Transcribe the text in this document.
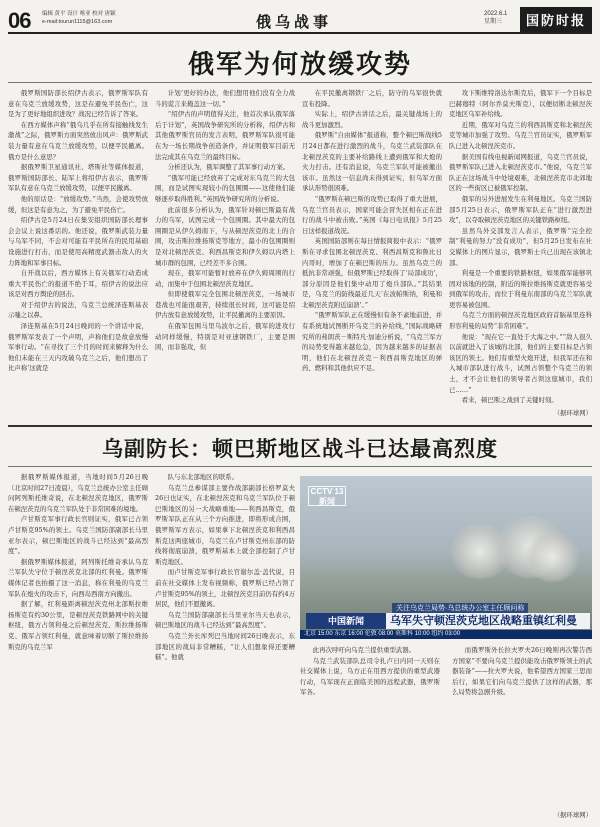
06 编辑 黄平 设计 喀亚 校对 唐颖
e-mail:tourun1115@163.com	俄乌战事	2022.6.1
星期三	国防时报
俄军为何放缓攻势

俄罗斯国防部长绍伊古表示，俄罗斯军队有意在乌克兰放缓攻势，这是在避免平民伤亡，这是为了更好地组织进攻？战况已经告诉了答案。

在西方媒体声称“俄乌几乎在所有接触线发生激战”之际，俄罗斯方面突然放出风声：俄罗斯武装力量有意在乌克兰放缓攻势，以便平民撤离。俄方是什么意思？

据俄罗斯卫星通讯社、塔斯社等媒体报道，俄罗斯国防部长、陆军上将绍伊古表示，俄罗斯军队有意在乌克兰放缓攻势，以便平民撤离。

他的原话是：“放缓攻势。”当然，会使攻势放缓，但这是有意为之，为了避免平民伤亡。

绍伊古是5月24日在集安组织国防部长理事会会议上说这番话的。他还说，俄罗斯武装力量与乌军不同，不会对可能有平民所在的民用基础设施进行打击，而是使用高精度武器击敌人的火力阵地和军事目标。

自开战以后，西方媒体上有关俄军行动造成重大平民伤亡的报道不绝于耳，绍伊古的说法应该是对西方舆论的回击。

对于绍伊古的说法，乌克兰总统泽连斯基表示嗤之以鼻。

泽连斯基在5月24日晚间的一个讲话中说，俄罗斯军发表了一个声明，声称他们是故意放慢军事行动。“在寻找了三个月的时间来解释为什么他们未能在三天内攻破乌克兰之后，他们想出了比声称‘这就是

计划’更好的办法，他们想用他们没有全力战斗的谎言来掩盖这一切。”

“绍伊古的声明值得关注，他首次承认俄军落后于计划”，英国战争研究所的分析称，绍伊古和其他俄罗斯官员的发言表明，俄罗斯军队很可能在为一场长期战争创造条件，并证明俄军目前无法完成其在乌克兰的最终目标。

分析还认为，俄军调整了其军事行动方案。

“俄军可能已经放弃了完成对东乌克兰的大包围，而是试图实现较小的包围圈——这使他们能够逐步取得胜利。”英国战争研究所的分析说。

此前很多分析认为，俄军针对顿巴斯最有战力的乌军，试图完成一个包围圈。其中最大的包围圈是从伊久姆南下，与从顿涅茨克的北上的合围，攻击斯拉维扬斯克等地方，最小的包围圈则是对北顿涅茨克、利西昌斯克和伊久姆以内塔上城市群的包围，已经差不多合围。

现在，俄军可能暂时放弃在伊久姆周围的行动，而集中于包围北顿涅茨克地区。

但即使俄军完全包围北顿涅茨克，一场城市巷战也可能很艰苦，持续很长时间，这可能是绍伊古放有意放缓攻势，让平民撤离的主要原因。

在俄军包围马里乌波尔之后，俄军的进攻行动同样缓慢，特别是对亚速钢铁厂，主要是围困，而非强攻，但

在平民撤离钢铁厂之后，防守的乌军很快就宣布投降。

实际上，绍伊古讲话之后，最关键战场上的战斗更加激烈。

俄罗斯“自由媒体”报道称，整个顿巴斯战线5月24日都在进行激烈的战斗，乌克兰武装部队在北顿涅茨克的主要补给路线上遭到俄军和大炮的火力打击。还有消息说，乌克兰军队可能被撤出该市。虽然这一信息尚未得到证实，但乌军方面承认形势很困难。

“俄罗斯在顿巴斯的攻势已取得了重大进展，乌克兰官员表示，国家可能会冒失区相在正在进行的战斗中被击败。”英国《每日电讯报》5月25日这样报道战况。

英国国防部则在每日情报简报中表示：“俄罗斯在寻求包围北顿涅茨克、利西昌斯克和鲁比日内哥时，增加了在顿巴斯的压力。虽然乌克兰的抵抗非常顽强，但俄罗斯已经取得了‘局部成功’，部分原因是他们集中动用了炮兵部队。”其结果是，乌克兰的防线最近几天‘在波帕斯纳，利曼和北顿涅茨克附近崩溃’。”

“俄罗斯军队正在缓慢但有条不紊地前进，并有系统地试图断开乌克兰的补给线，”国际战略研究所的弗朗茨－斯特凡·加迪分析说，“乌克兰军方的局势变得越来越危急，因为越来越多的证据表明，他们在北顿涅茨克－利西昌斯克地区的弹药、燃料和其他供应不足。

攻下斯维特洛达尔斯克后，俄军下一个目标是巴赫穆特（阿尔乔莫夫斯克），以便切断北顿涅茨克地区乌军补给线。

近期，俄军对乌克兰的利西昌斯克和北顿涅茨克等城市加强了攻势。乌克兰官员证实，俄罗斯军队已进入北顿涅茨克市。

据美国有线电视新闻网报道，乌克兰官员说，俄罗斯军队已进入北顿涅茨克市。”他说，乌克兰军队正在这场战斗中处境艰难，北顿涅茨克市北郊地区的一些街区已被俄军控制。

俄军的另外进展发生在利曼地区。乌克兰国防部5月25日表示，俄罗斯军队正在“进行激烈进攻”，以夺取顿涅茨克地区的关键铁路枢纽。

虽然乌外交部发言人表示，俄罗斯“完全控制”利曼的努力“没有成功”，但5月25日发布在社交媒体上的图片显示，俄罗斯士兵已出现在该镇北部。

利曼是一个重要的铁路枢纽，如果俄军能够巩固对该地的控制，附近的斯拉维扬斯克就更容易受到俄军的攻击，而位于利曼东南部的乌克兰军队就更容易被包围。

乌克兰方面的顿涅茨克地区政府首脑基里连科形容利曼的局势“非常困难”。

他说：“现在它一直处于大海之中。”“敌人很久以前就进入了该城的北部，他们的主要目标是占领该区的领土。他们有重型火炮开进，但我军还在和入城市部队进行战斗，试图占领整个乌克兰的领土，才不会让他们的领导者占领这座城市，我们已……”

看来，顿巴斯之战到了关键时刻。

（据环球网）

乌副防长：顿巴斯地区战斗已达最高烈度

据俄罗斯媒体报道，当地时间5月26日晚（北京时间27日凌晨），乌克兰总统办公室主任顾问阿列斯托维奇说，在北顿涅茨克地区，俄罗斯在顿涅茨克的乌克兰军队处于非常困难的境地。

卢甘斯克军事行政长官则证实，俄军已占领卢甘斯克95%的领土。乌克兰国防部副部长马里亚尔表示，顿巴斯地区的战斗已经达到“最高烈度”。

据俄罗斯媒体报道，阿列斯托维奇承认乌克兰军队失守位于顿涅茨克北部的红利曼。俄罗斯媒体记者也拍摄了这一消息，称在利曼的乌克兰军队在炮火的攻击下，向西岛西南方向撤出。

据了解，红利曼距离顿涅茨克州北部斯拉维扬斯克有约30公里，是顿涅茨克铁路网中的关键枢纽，俄方占领利曼之后顿涅茨克、斯拉维扬斯克、俄军占领红利曼，就意味着切断了斯拉维扬斯克的乌克兰军

队与东北部地区的联系。

乌克兰总参谋部主要作战部副部长格罗莫夫26日也证实，在北顿涅茨克和乌克兰军队位于顿巴斯地区的另一大战略重地——利西昌斯克，俄罗斯军队正在从三个方向推进，即将形成合围，俄罗斯军方表示，如果拿下北顿涅茨克和利西昌斯克这两座城市，乌克兰在卢甘斯克州东部的防线将彻底崩溃，俄罗斯基本上就全部控制了卢甘斯克地区。

而卢甘斯克军事行政长官谢尔盖·盖代说，目前在社交媒体上发布视频称，俄罗斯已经占领了卢甘斯克95%的领土，北顿涅茨克目前仍有约4万居民，他们不愿撤离。

乌克兰国防部副部长马里亚尔当天也表示，顿巴斯地区的战斗已经达到“最高烈度”。

乌克兰外长库列巴当地时间26日晚表示，东部地区的战局非常糟糕，“让人们想象得还要糟糕”。他就

CCTV 13
新闻
关注乌克兰局势·乌总统办公室主任顾问称
中国新闻	乌军失守顿涅茨克地区战略重镇红利曼
北京 15:00 东京 16:00 伦敦 08:00 莫斯科 10:00 纽约 03:00

此再次呼吁向乌克兰提供重型武器。

乌克兰武装部队总司令扎卢日内同一天则在社交媒体上说，乌方正在用西方提供的重型武器行动，乌军现在正面临美国的远程武器，俄罗斯军各。

而俄罗斯外长拉夫罗夫26日晚则再次警告西方国家“不要向乌克兰提供能攻击俄罗斯领土的武器装备”——拉夫罗夫说，他希望西方国家三思而后行，如果它们向乌克兰提供了这样的武器，那么局势将急剧升级。

（据环球网）
